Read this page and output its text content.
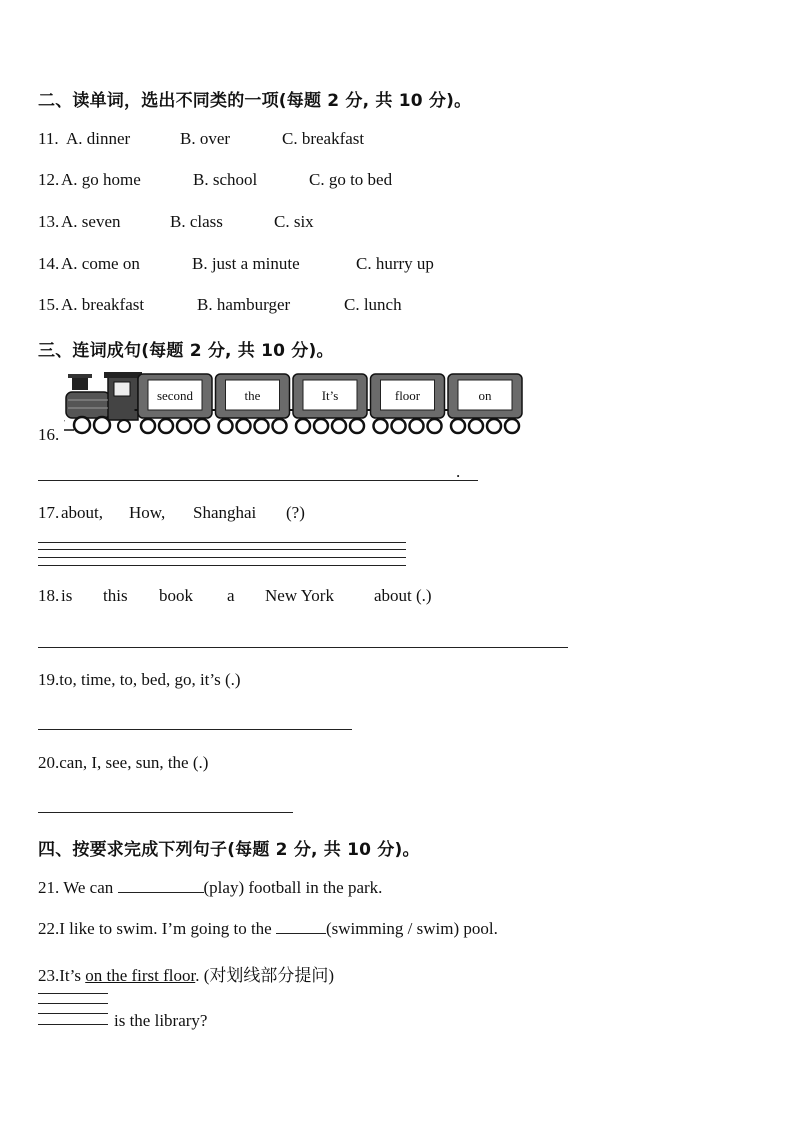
二、读单词，选出不同类的一项(每题 2 分, 共 10 分)。
11. A. dinner	B. over	C. breakfast
12. A. go home	B. school	C. go to bed
13. A. seven	B. class	C. six
14. A. come on	B. just a minute	C. hurry up
15. A. breakfast	B. hamburger	C. lunch
三、连词成句(每题 2 分, 共 10 分)。
16.
second	the	It’s	floor	on
.
17. about, How, Shanghai (?)
18. is this book a New York about (.)
19.to, time, to, bed, go, it’s (.)
20.can, I, see, sun, the (.)
四、按要求完成下列句子(每题 2 分, 共 10 分)。
21. We can	(play) football in the park.
22.I like to swim. I’m going to the	(swimming / swim) pool.
23.It’s on the first floor. (对划线部分提问)
is the library?
